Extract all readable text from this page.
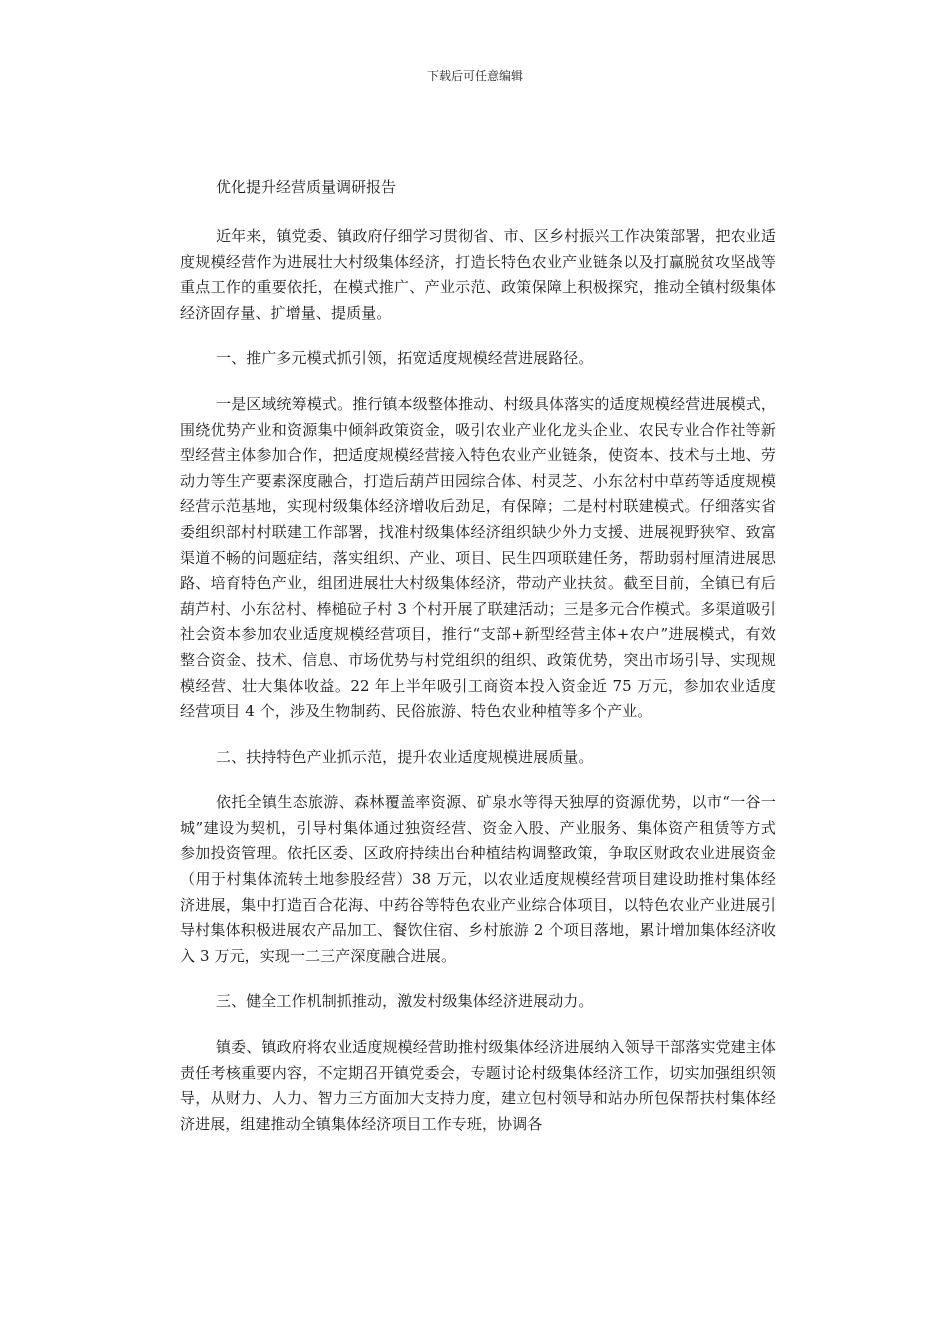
下载后可任意编辑
优化提升经营质量调研报告

近年来，镇党委、镇政府仔细学习贯彻省、市、区乡村振兴工作决策部署，把农业适度规模经营作为进展壮大村级集体经济，打造长特色农业产业链条以及打赢脱贫攻坚战等重点工作的重要依托，在模式推广、产业示范、政策保障上积极探究，推动全镇村级集体经济固存量、扩增量、提质量。

一、推广多元模式抓引领，拓宽适度规模经营进展路径。

一是区域统筹模式。推行镇本级整体推动、村级具体落实的适度规模经营进展模式，围绕优势产业和资源集中倾斜政策资金，吸引农业产业化龙头企业、农民专业合作社等新型经营主体参加合作，把适度规模经营接入特色农业产业链条，使资本、技术与土地、劳动力等生产要素深度融合，打造后葫芦田园综合体、村灵芝、小东岔村中草药等适度规模经营示范基地，实现村级集体经济增收后劲足，有保障；二是村村联建模式。仔细落实省委组织部村村联建工作部署，找准村级集体经济组织缺少外力支援、进展视野狭窄、致富渠道不畅的问题症结，落实组织、产业、项目、民生四项联建任务，帮助弱村厘清进展思路、培育特色产业，组团进展壮大村级集体经济，带动产业扶贫。截至目前，全镇已有后葫芦村、小东岔村、棒槌砬子村 3 个村开展了联建活动；三是多元合作模式。多渠道吸引社会资本参加农业适度规模经营项目，推行“支部+新型经营主体+农户”进展模式，有效整合资金、技术、信息、市场优势与村党组织的组织、政策优势，突出市场引导、实现规模经营、壮大集体收益。22 年上半年吸引工商资本投入资金近 75 万元，参加农业适度经营项目 4 个，涉及生物制药、民俗旅游、特色农业种植等多个产业。

二、扶持特色产业抓示范，提升农业适度规模进展质量。

依托全镇生态旅游、森林覆盖率资源、矿泉水等得天独厚的资源优势，以市“一谷一城”建设为契机，引导村集体通过独资经营、资金入股、产业服务、集体资产租赁等方式参加投资管理。依托区委、区政府持续出台种植结构调整政策，争取区财政农业进展资金（用于村集体流转土地参股经营）38 万元，以农业适度规模经营项目建设助推村集体经济进展，集中打造百合花海、中药谷等特色农业产业综合体项目，以特色农业产业进展引导村集体积极进展农产品加工、餐饮住宿、乡村旅游 2 个项目落地，累计增加集体经济收入 3 万元，实现一二三产深度融合进展。

三、健全工作机制抓推动，激发村级集体经济进展动力。

镇委、镇政府将农业适度规模经营助推村级集体经济进展纳入领导干部落实党建主体责任考核重要内容，不定期召开镇党委会，专题讨论村级集体经济工作，切实加强组织领导，从财力、人力、智力三方面加大支持力度，建立包村领导和站办所包保帮扶村集体经济进展，组建推动全镇集体经济项目工作专班，协调各
